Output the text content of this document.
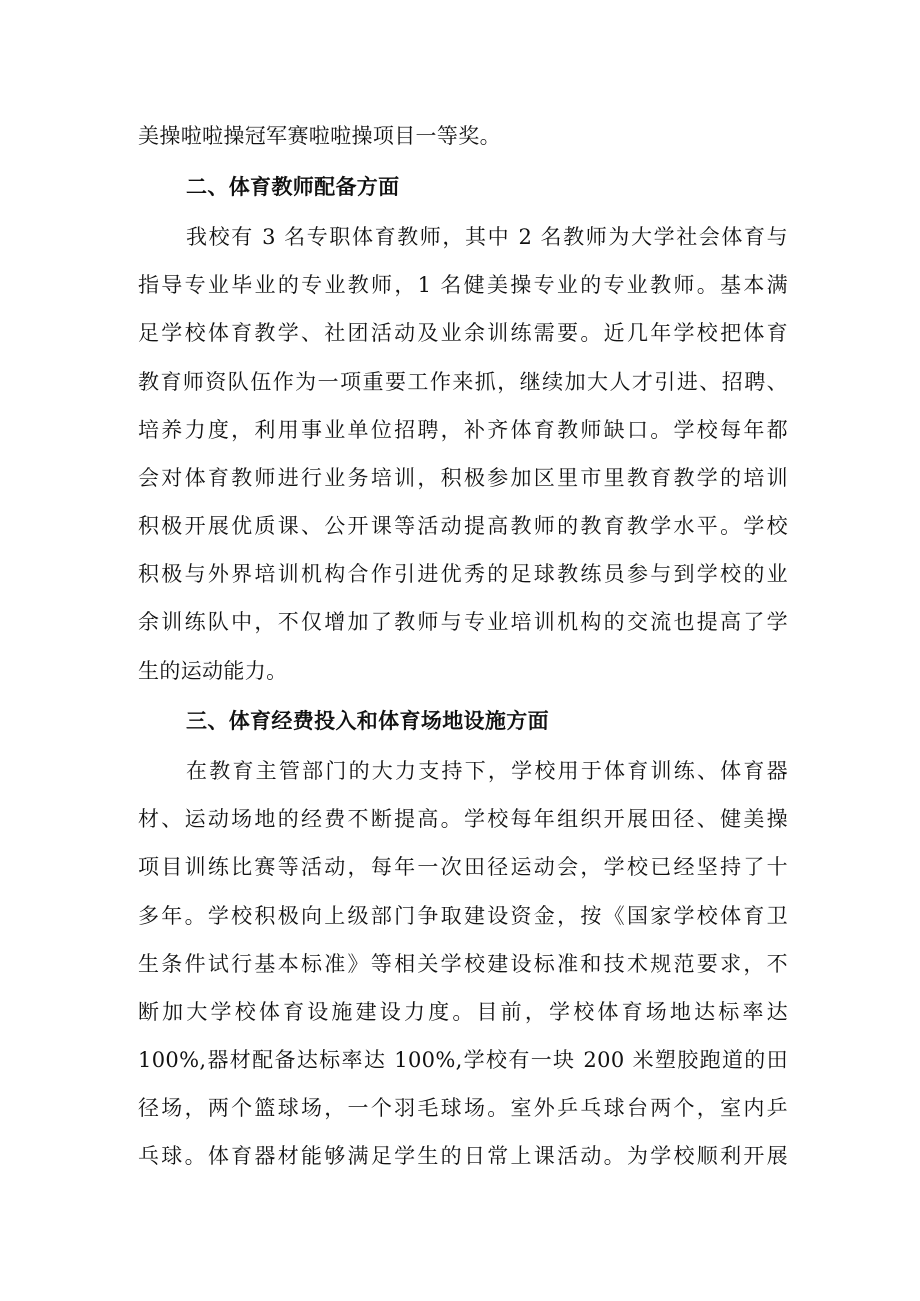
美操啦啦操冠军赛啦啦操项目一等奖。
二、体育教师配备方面
我校有 3 名专职体育教师，其中 2 名教师为大学社会体育与
指导专业毕业的专业教师，1 名健美操专业的专业教师。基本满
足学校体育教学、社团活动及业余训练需要。近几年学校把体育
教育师资队伍作为一项重要工作来抓，继续加大人才引进、招聘、
培养力度，利用事业单位招聘，补齐体育教师缺口。学校每年都
会对体育教师进行业务培训，积极参加区里市里教育教学的培训
积极开展优质课、公开课等活动提高教师的教育教学水平。学校
积极与外界培训机构合作引进优秀的足球教练员参与到学校的业
余训练队中，不仅增加了教师与专业培训机构的交流也提高了学
生的运动能力。
三、体育经费投入和体育场地设施方面
在教育主管部门的大力支持下，学校用于体育训练、体育器
材、运动场地的经费不断提高。学校每年组织开展田径、健美操
项目训练比赛等活动，每年一次田径运动会，学校已经坚持了十
多年。学校积极向上级部门争取建设资金，按《国家学校体育卫
生条件试行基本标准》等相关学校建设标准和技术规范要求，不
断加大学校体育设施建设力度。目前，学校体育场地达标率达
100%,器材配备达标率达 100%,学校有一块 200 米塑胶跑道的田
径场，两个篮球场，一个羽毛球场。室外乒乓球台两个，室内乒
乓球。体育器材能够满足学生的日常上课活动。为学校顺利开展
